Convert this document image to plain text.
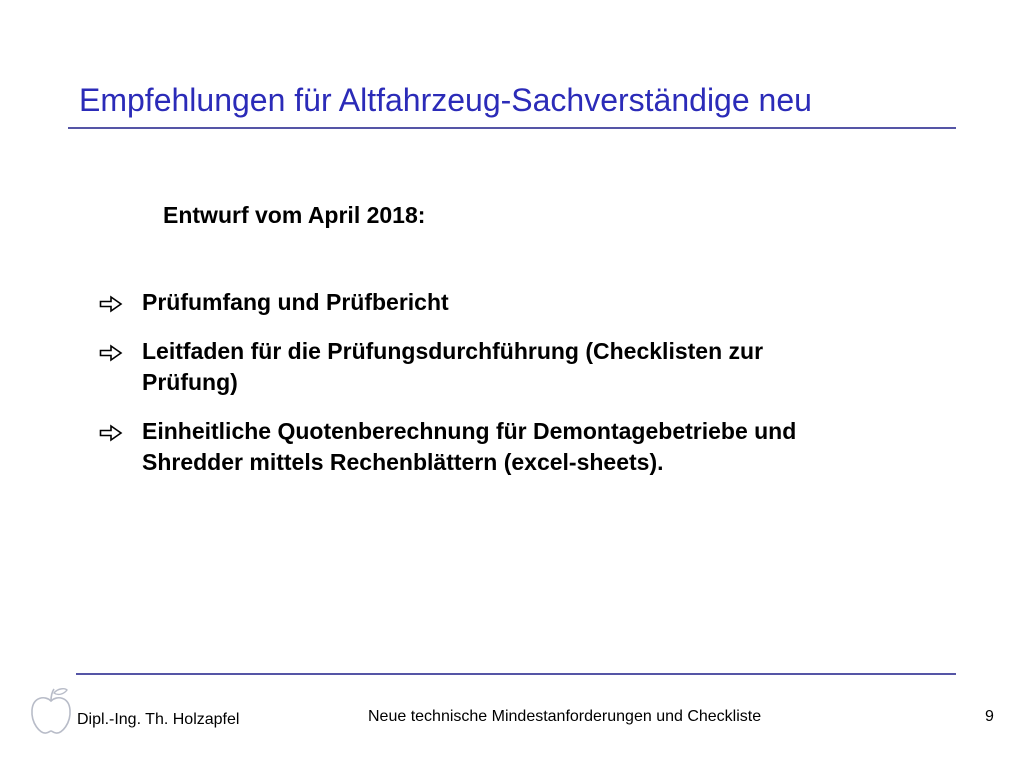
Empfehlungen für Altfahrzeug-Sachverständige neu
Entwurf vom April 2018:
Prüfumfang und Prüfbericht
Leitfaden für die Prüfungsdurchführung (Checklisten zur
Prüfung)
Einheitliche Quotenberechnung für Demontagebetriebe und
Shredder mittels Rechenblättern (excel-sheets).
Dipl.-Ing. Th. Holzapfel	Neue technische Mindestanforderungen und Checkliste	9
